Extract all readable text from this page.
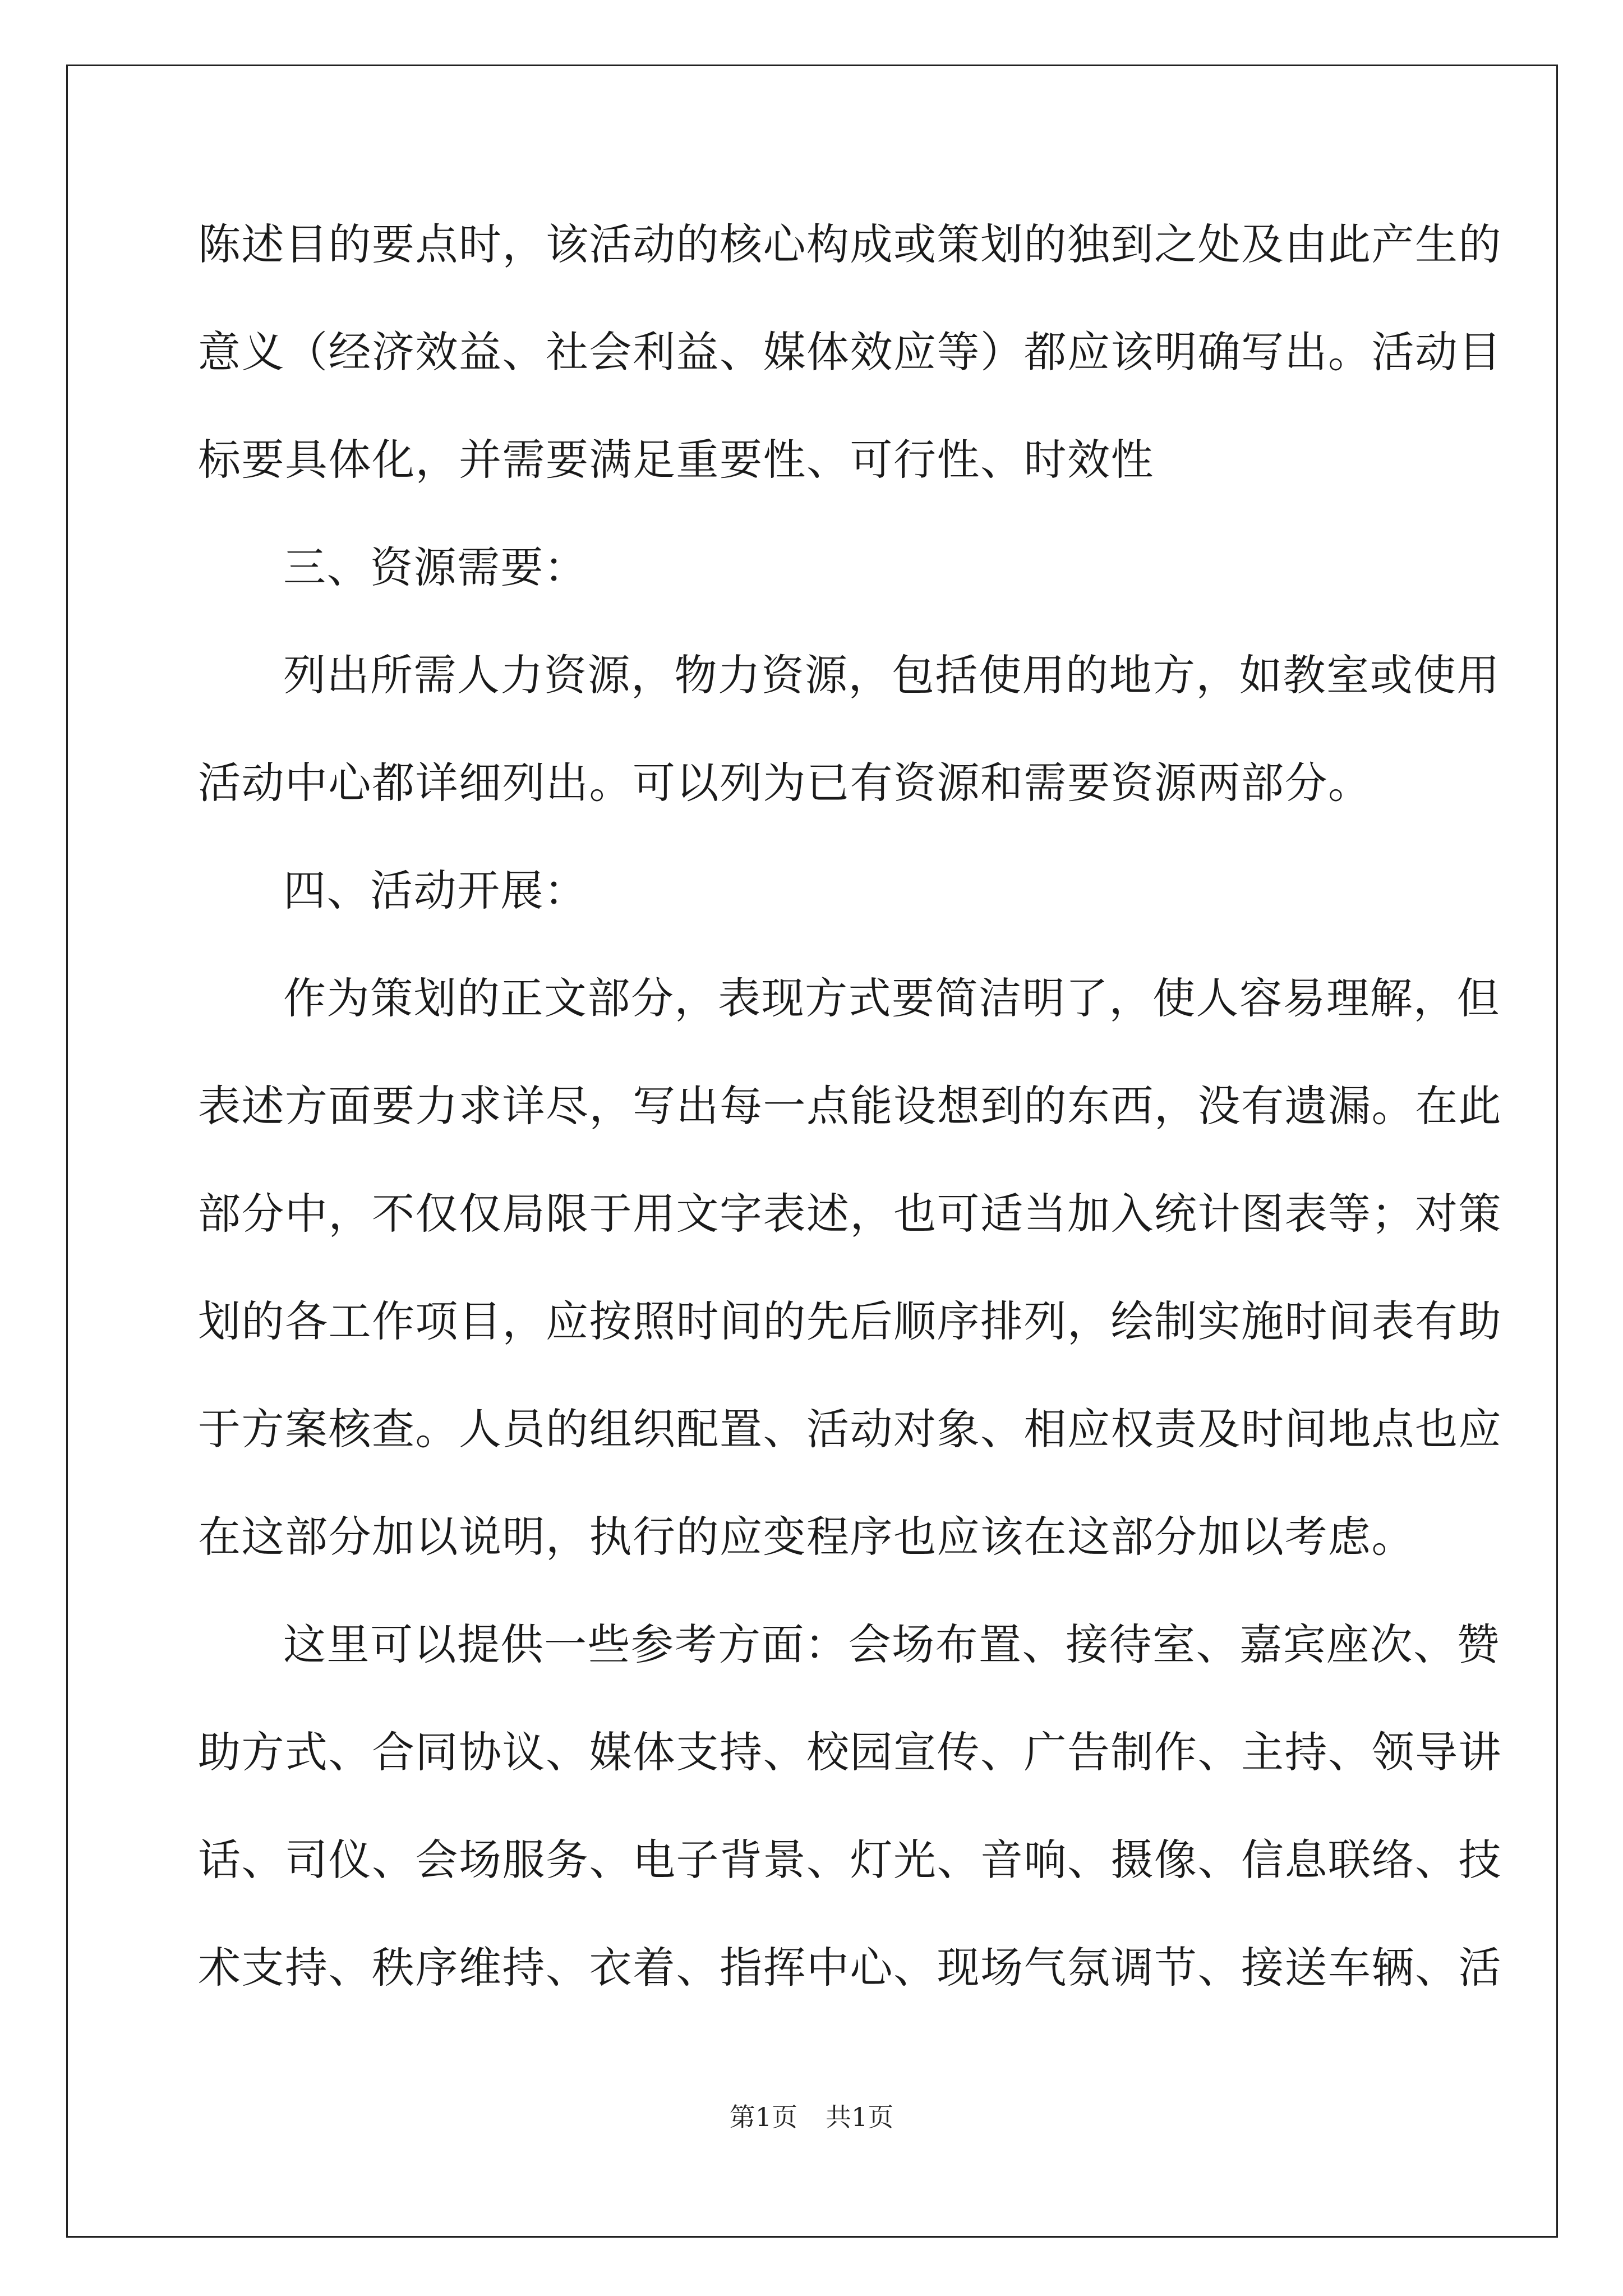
陈述目的要点时，该活动的核心构成或策划的独到之处及由此产生的
意义（经济效益、社会利益、媒体效应等）都应该明确写出。活动目
标要具体化，并需要满足重要性、可行性、时效性
三、资源需要：
列出所需人力资源，物力资源，包括使用的地方，如教室或使用
活动中心都详细列出。可以列为已有资源和需要资源两部分。
四、活动开展：
作为策划的正文部分，表现方式要简洁明了，使人容易理解，但
表述方面要力求详尽，写出每一点能设想到的东西，没有遗漏。在此
部分中，不仅仅局限于用文字表述，也可适当加入统计图表等；对策
划的各工作项目，应按照时间的先后顺序排列，绘制实施时间表有助
于方案核查。人员的组织配置、活动对象、相应权责及时间地点也应
在这部分加以说明，执行的应变程序也应该在这部分加以考虑。
这里可以提供一些参考方面：会场布置、接待室、嘉宾座次、赞
助方式、合同协议、媒体支持、校园宣传、广告制作、主持、领导讲
话、司仪、会场服务、电子背景、灯光、音响、摄像、信息联络、技
术支持、秩序维持、衣着、指挥中心、现场气氛调节、接送车辆、活
第1页 共1页
